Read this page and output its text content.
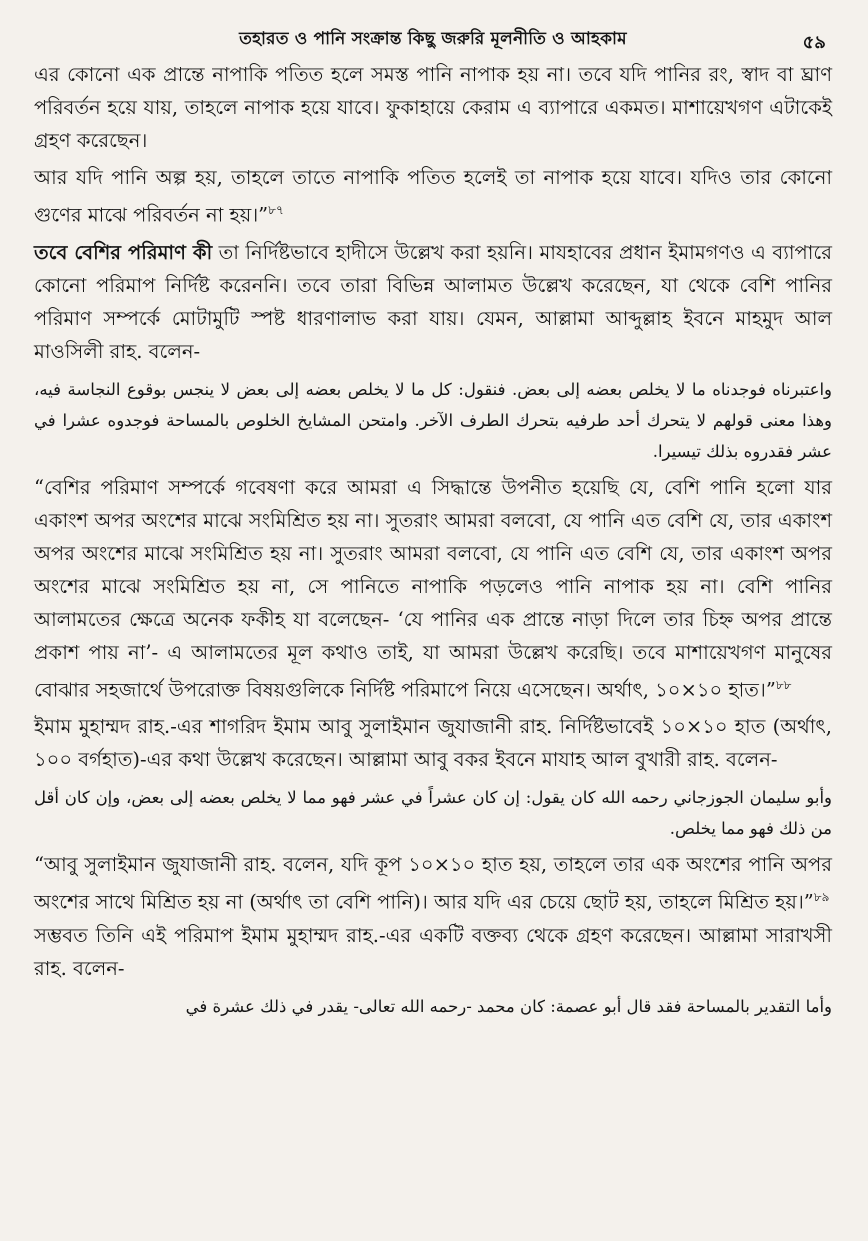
তহারত ও পানি সংক্রান্ত কিছু জরুরি মূলনীতি ও আহকাম	৫৯

এর কোনো এক প্রান্তে নাপাকি পতিত হলে সমস্ত পানি নাপাক হয় না। তবে যদি পানির রং, স্বাদ বা ঘ্রাণ পরিবর্তন হয়ে যায়, তাহলে নাপাক হয়ে যাবে। ফুকাহায়ে কেরাম এ ব্যাপারে একমত। মাশায়েখগণ এটাকেই গ্রহণ করেছেন।

আর যদি পানি অল্প হয়, তাহলে তাতে নাপাকি পতিত হলেই তা নাপাক হয়ে যাবে। যদিও তার কোনো গুণের মাঝে পরিবর্তন না হয়।”$^{৮৭}$

তবে বেশির পরিমাণ কী তা নির্দিষ্টভাবে হাদীসে উল্লেখ করা হয়নি। মাযহাবের প্রধান ইমামগণও এ ব্যাপারে কোনো পরিমাপ নির্দিষ্ট করেননি। তবে তারা বিভিন্ন আলামত উল্লেখ করেছেন, যা থেকে বেশি পানির পরিমাণ সম্পর্কে মোটামুটি স্পষ্ট ধারণালাভ করা যায়। যেমন, আল্লামা আব্দুল্লাহ ইবনে মাহমুদ আল মাওসিলী রাহ. বলেন-

واعتبرناه فوجدناه ما لا يخلص بعضه إلى بعض. فنقول: كل ما لا يخلص بعضه إلى بعض لا ينجس بوقوع النجاسة فيه، وهذا معنى قولهم لا يتحرك أحد طرفيه بتحرك الطرف الآخر. وامتحن المشايخ الخلوص بالمساحة فوجدوه عشرا في عشر فقدروه بذلك تيسيرا.

“বেশির পরিমাণ সম্পর্কে গবেষণা করে আমরা এ সিদ্ধান্তে উপনীত হয়েছি যে, বেশি পানি হলো যার একাংশ অপর অংশের মাঝে সংমিশ্রিত হয় না। সুতরাং আমরা বলবো, যে পানি এত বেশি যে, তার একাংশ অপর অংশের মাঝে সংমিশ্রিত হয় না। সুতরাং আমরা বলবো, যে পানি এত বেশি যে, তার একাংশ অপর অংশের মাঝে সংমিশ্রিত হয় না, সে পানিতে নাপাকি পড়লেও পানি নাপাক হয় না। বেশি পানির আলামতের ক্ষেত্রে অনেক ফকীহ যা বলেছেন- ‘যে পানির এক প্রান্তে নাড়া দিলে তার চিহ্ন অপর প্রান্তে প্রকাশ পায় না’- এ আলামতের মূল কথাও তাই, যা আমরা উল্লেখ করেছি। তবে মাশায়েখগণ মানুষের বোঝার সহজার্থে উপরোক্ত বিষয়গুলিকে নির্দিষ্ট পরিমাপে নিয়ে এসেছেন। অর্থাৎ, ১০×১০ হাত।”$^{৮৮}$

ইমাম মুহাম্মদ রাহ.-এর শাগরিদ ইমাম আবু সুলাইমান জুযাজানী রাহ. নির্দিষ্টভাবেই ১০×১০ হাত (অর্থাৎ, ১০০ বর্গহাত)-এর কথা উল্লেখ করেছেন। আল্লামা আবু বকর ইবনে মাযাহ আল বুখারী রাহ. বলেন-

وأبو سليمان الجوزجاني رحمه الله كان يقول: إن كان عشراً في عشر فهو مما لا يخلص بعضه إلى بعض، وإن كان أقل من ذلك فهو مما يخلص.

“আবু সুলাইমান জুযাজানী রাহ. বলেন, যদি কূপ ১০×১০ হাত হয়, তাহলে তার এক অংশের পানি অপর অংশের সাথে মিশ্রিত হয় না (অর্থাৎ তা বেশি পানি)। আর যদি এর চেয়ে ছোট হয়, তাহলে মিশ্রিত হয়।”$^{৮৯}$

সম্ভবত তিনি এই পরিমাপ ইমাম মুহাম্মদ রাহ.-এর একটি বক্তব্য থেকে গ্রহণ করেছেন। আল্লামা সারাখসী রাহ. বলেন-

وأما التقدير بالمساحة فقد قال أبو عصمة: كان محمد -رحمه الله تعالى- يقدر في ذلك عشرة في
